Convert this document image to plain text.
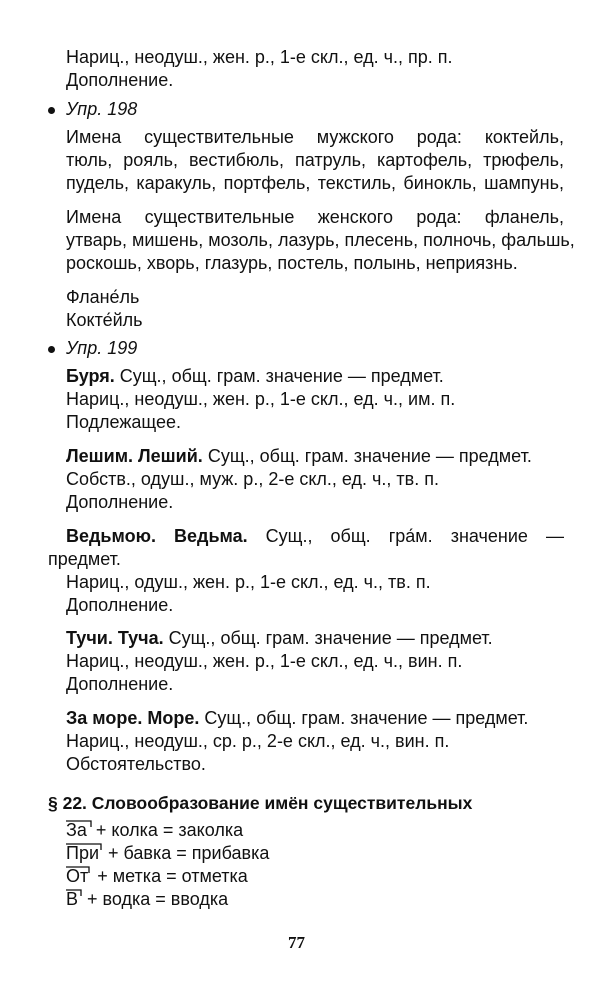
Нариц., неодуш., жен. р., 1-е скл., ед. ч., пр. п.
Дополнение.
Упр. 198
Имена существительные мужского рода: коктейль,
тюль, рояль, вестибюль, патруль, картофель, трюфель,
пудель, каракуль, портфель, текстиль, бинокль, шампунь,
Имена существительные женского рода: фланель,
утварь, мишень, мозоль, лазурь, плесень, полночь, фальшь,
роскошь, хворь, глазурь, постель, полынь, неприязнь.
Флане́ль
Кокте́йль
Упр. 199
Буря. Сущ., общ. грам. значение — предмет.
Нариц., неодуш., жен. р., 1-е скл., ед. ч., им. п.
Подлежащее.
Лешим. Леший. Сущ., общ. грам. значение — предмет.
Собств., одуш., муж. р., 2-е скл., ед. ч., тв. п.
Дополнение.
Ведьмою. Ведьма. Сущ., общ. гра́м. значение —
предмет.
Нариц., одуш., жен. р., 1-е скл., ед. ч., тв. п.
Дополнение.
Тучи. Туча. Сущ., общ. грам. значение — предмет.
Нариц., неодуш., жен. р., 1-е скл., ед. ч., вин. п.
Дополнение.
За море. Море. Сущ., общ. грам. значение — предмет.
Нариц., неодуш., ср. р., 2-е скл., ед. ч., вин. п.
Обстоятельство.
§ 22. Словообразование имён существительных
За + колка = заколка
При + бавка = прибавка
От + метка = отметка
В + водка = вводка
77
